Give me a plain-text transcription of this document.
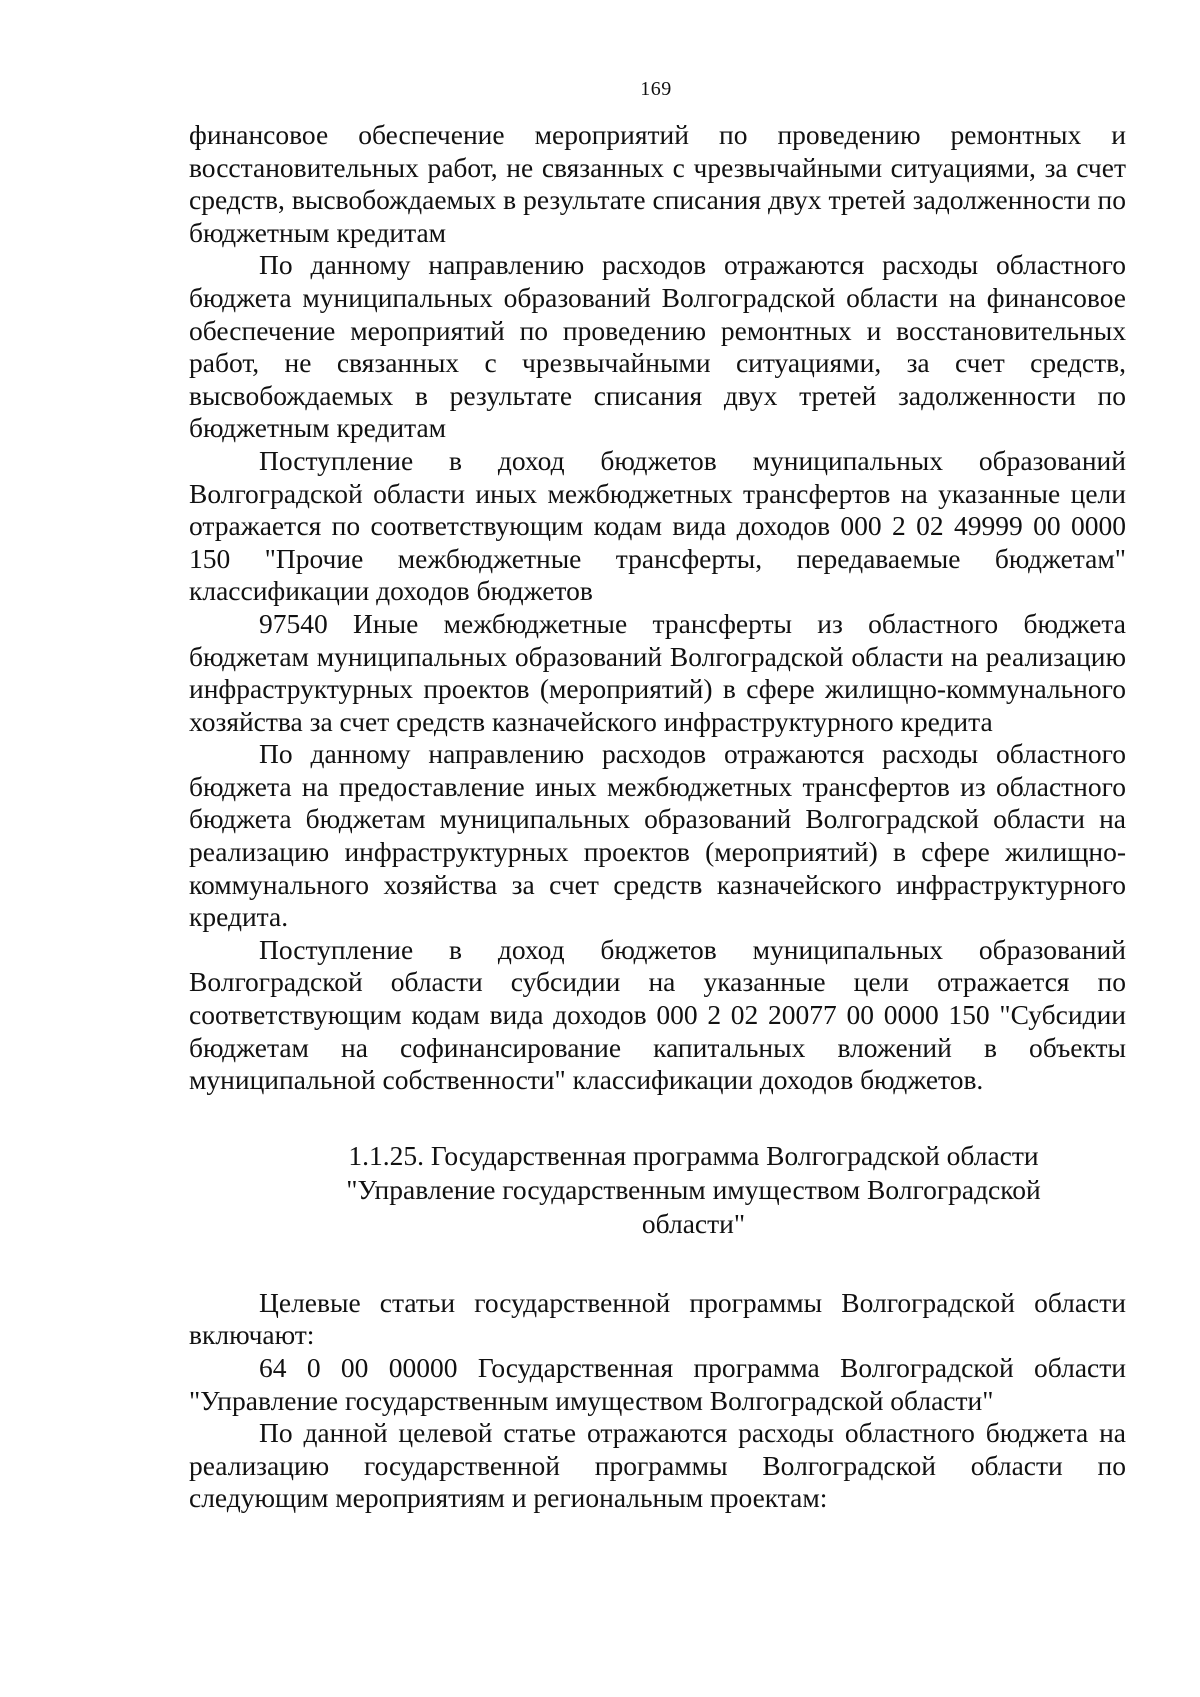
169

финансовое обеспечение мероприятий по проведению ремонтных и восстановительных работ, не связанных с чрезвычайными ситуациями, за счет средств, высвобождаемых в результате списания двух третей задолженности по бюджетным кредитам

По данному направлению расходов отражаются расходы областного бюджета муниципальных образований Волгоградской области на финансовое обеспечение мероприятий по проведению ремонтных и восстановительных работ, не связанных с чрезвычайными ситуациями, за счет средств, высвобождаемых в результате списания двух третей задолженности по бюджетным кредитам

Поступление в доход бюджетов муниципальных образований Волгоградской области иных межбюджетных трансфертов на указанные цели отражается по соответствующим кодам вида доходов 000 2 02 49999 00 0000 150 "Прочие межбюджетные трансферты, передаваемые бюджетам" классификации доходов бюджетов

97540 Иные межбюджетные трансферты из областного бюджета бюджетам муниципальных образований Волгоградской области на реализацию инфраструктурных проектов (мероприятий) в сфере жилищно-коммунального хозяйства за счет средств казначейского инфраструктурного кредита

По данному направлению расходов отражаются расходы областного бюджета на предоставление иных межбюджетных трансфертов из областного бюджета бюджетам муниципальных образований Волгоградской области на реализацию инфраструктурных проектов (мероприятий) в сфере жилищно-коммунального хозяйства за счет средств казначейского инфраструктурного кредита.

Поступление в доход бюджетов муниципальных образований Волгоградской области субсидии на указанные цели отражается по соответствующим кодам вида доходов 000 2 02 20077 00 0000 150 "Субсидии бюджетам на софинансирование капитальных вложений в объекты муниципальной собственности" классификации доходов бюджетов.

1.1.25. Государственная программа Волгоградской области "Управление государственным имуществом Волгоградской области"

Целевые статьи государственной программы Волгоградской области включают:

64 0 00 00000 Государственная программа Волгоградской области "Управление государственным имуществом Волгоградской области"

По данной целевой статье отражаются расходы областного бюджета на реализацию государственной программы Волгоградской области по следующим мероприятиям и региональным проектам:
